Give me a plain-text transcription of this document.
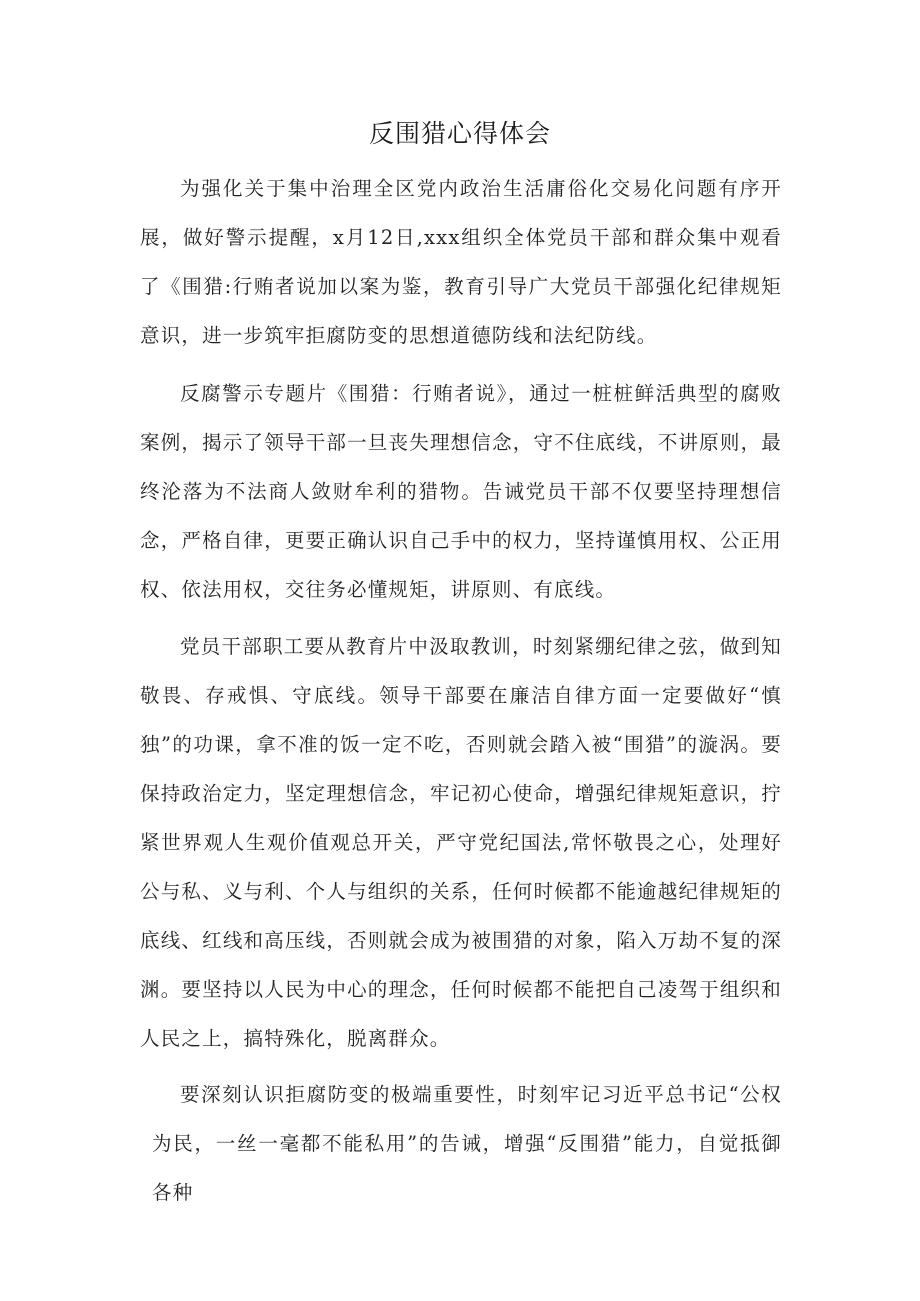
反围猎心得体会

为强化关于集中治理全区党内政治生活庸俗化交易化问题有序开展，做好警示提醒，x月12日,xxx组织全体党员干部和群众集中观看了《围猎:行贿者说加以案为鉴，教育引导广大党员干部强化纪律规矩意识，进一步筑牢拒腐防变的思想道德防线和法纪防线。

反腐警示专题片《围猎：行贿者说》，通过一桩桩鲜活典型的腐败案例，揭示了领导干部一旦丧失理想信念，守不住底线，不讲原则，最终沦落为不法商人敛财牟利的猎物。告诫党员干部不仅要坚持理想信念，严格自律，更要正确认识自己手中的权力，坚持谨慎用权、公正用权、依法用权，交往务必懂规矩，讲原则、有底线。

党员干部职工要从教育片中汲取教训，时刻紧绷纪律之弦，做到知敬畏、存戒惧、守底线。领导干部要在廉洁自律方面一定要做好“慎独”的功课，拿不准的饭一定不吃，否则就会踏入被“围猎”的漩涡。要保持政治定力，坚定理想信念，牢记初心使命，增强纪律规矩意识，拧紧世界观人生观价值观总开关，严守党纪国法,常怀敬畏之心，处理好公与私、义与利、个人与组织的关系，任何时候都不能逾越纪律规矩的底线、红线和高压线，否则就会成为被围猎的对象，陷入万劫不复的深渊。要坚持以人民为中心的理念，任何时候都不能把自己凌驾于组织和人民之上，搞特殊化，脱离群众。

要深刻认识拒腐防变的极端重要性，时刻牢记习近平总书记“公权为民，一丝一毫都不能私用”的告诫，增强“反围猎”能力，自觉抵御各种
